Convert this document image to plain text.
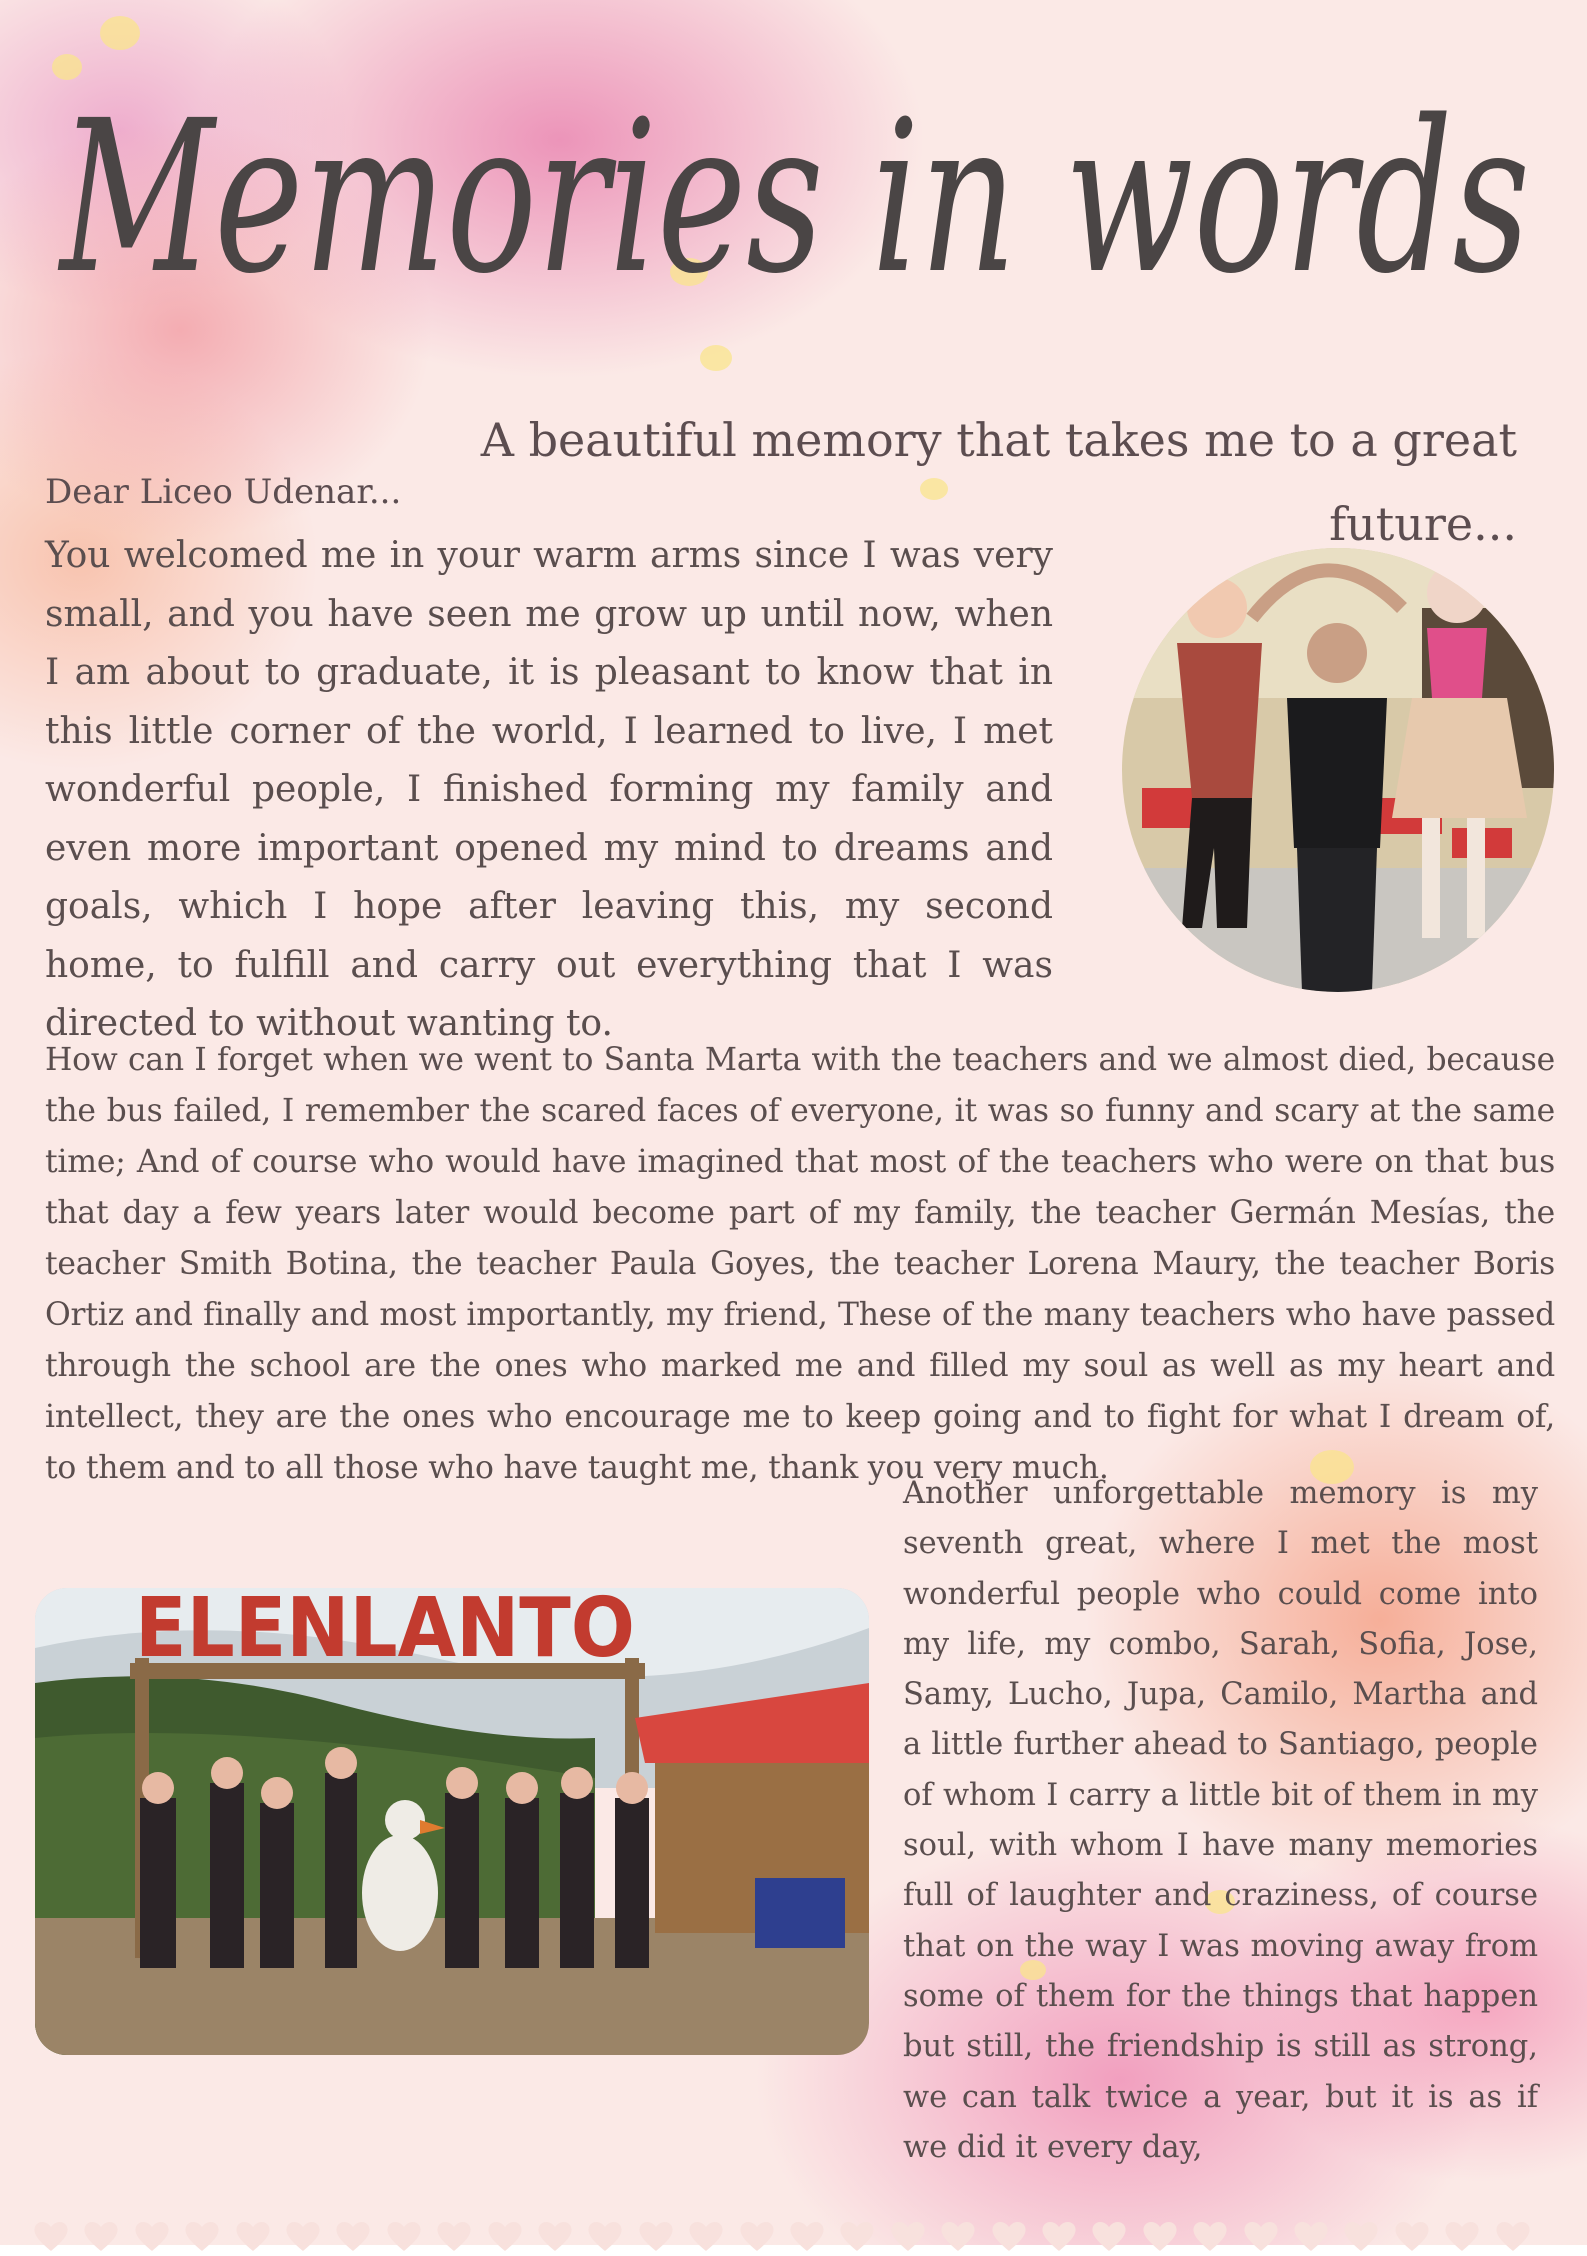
Memories in words
A beautiful memory that takes me to a great future...
Dear Liceo Udenar...

You welcomed me in your warm arms since I was very small, and you have seen me grow up until now, when I am about to graduate, it is pleasant to know that in this little corner of the world, I learned to live, I met wonderful people, I finished forming my family and even more important opened my mind to dreams and goals, which I hope after leaving this, my second home, to fulfill and carry out everything that I was directed to without wanting to.

How can I forget when we went to Santa Marta with the teachers and we almost died, because the bus failed, I remember the scared faces of everyone, it was so funny and scary at the same time; And of course who would have imagined that most of the teachers who were on that bus that day a few years later would become part of my family, the teacher Germán Mesías, the teacher Smith Botina, the teacher Paula Goyes, the teacher Lorena Maury, the teacher Boris Ortiz and finally and most importantly, my friend, These of the many teachers who have passed through the school are the ones who marked me and filled my soul as well as my heart and intellect, they are the ones who encourage me to keep going and to fight for what I dream of, to them and to all those who have taught me, thank you very much.

ELENLANTO

Another unforgettable memory is my seventh great, where I met the most wonderful people who could come into my life, my combo, Sarah, Sofia, Jose, Samy, Lucho, Jupa, Camilo, Martha and a little further ahead to Santiago, people of whom I carry a little bit of them in my soul, with whom I have many memories full of laughter and craziness, of course that on the way I was moving away from some of them for the things that happen but still, the friendship is still as strong, we can talk twice a year, but it is as if we did it every day,
